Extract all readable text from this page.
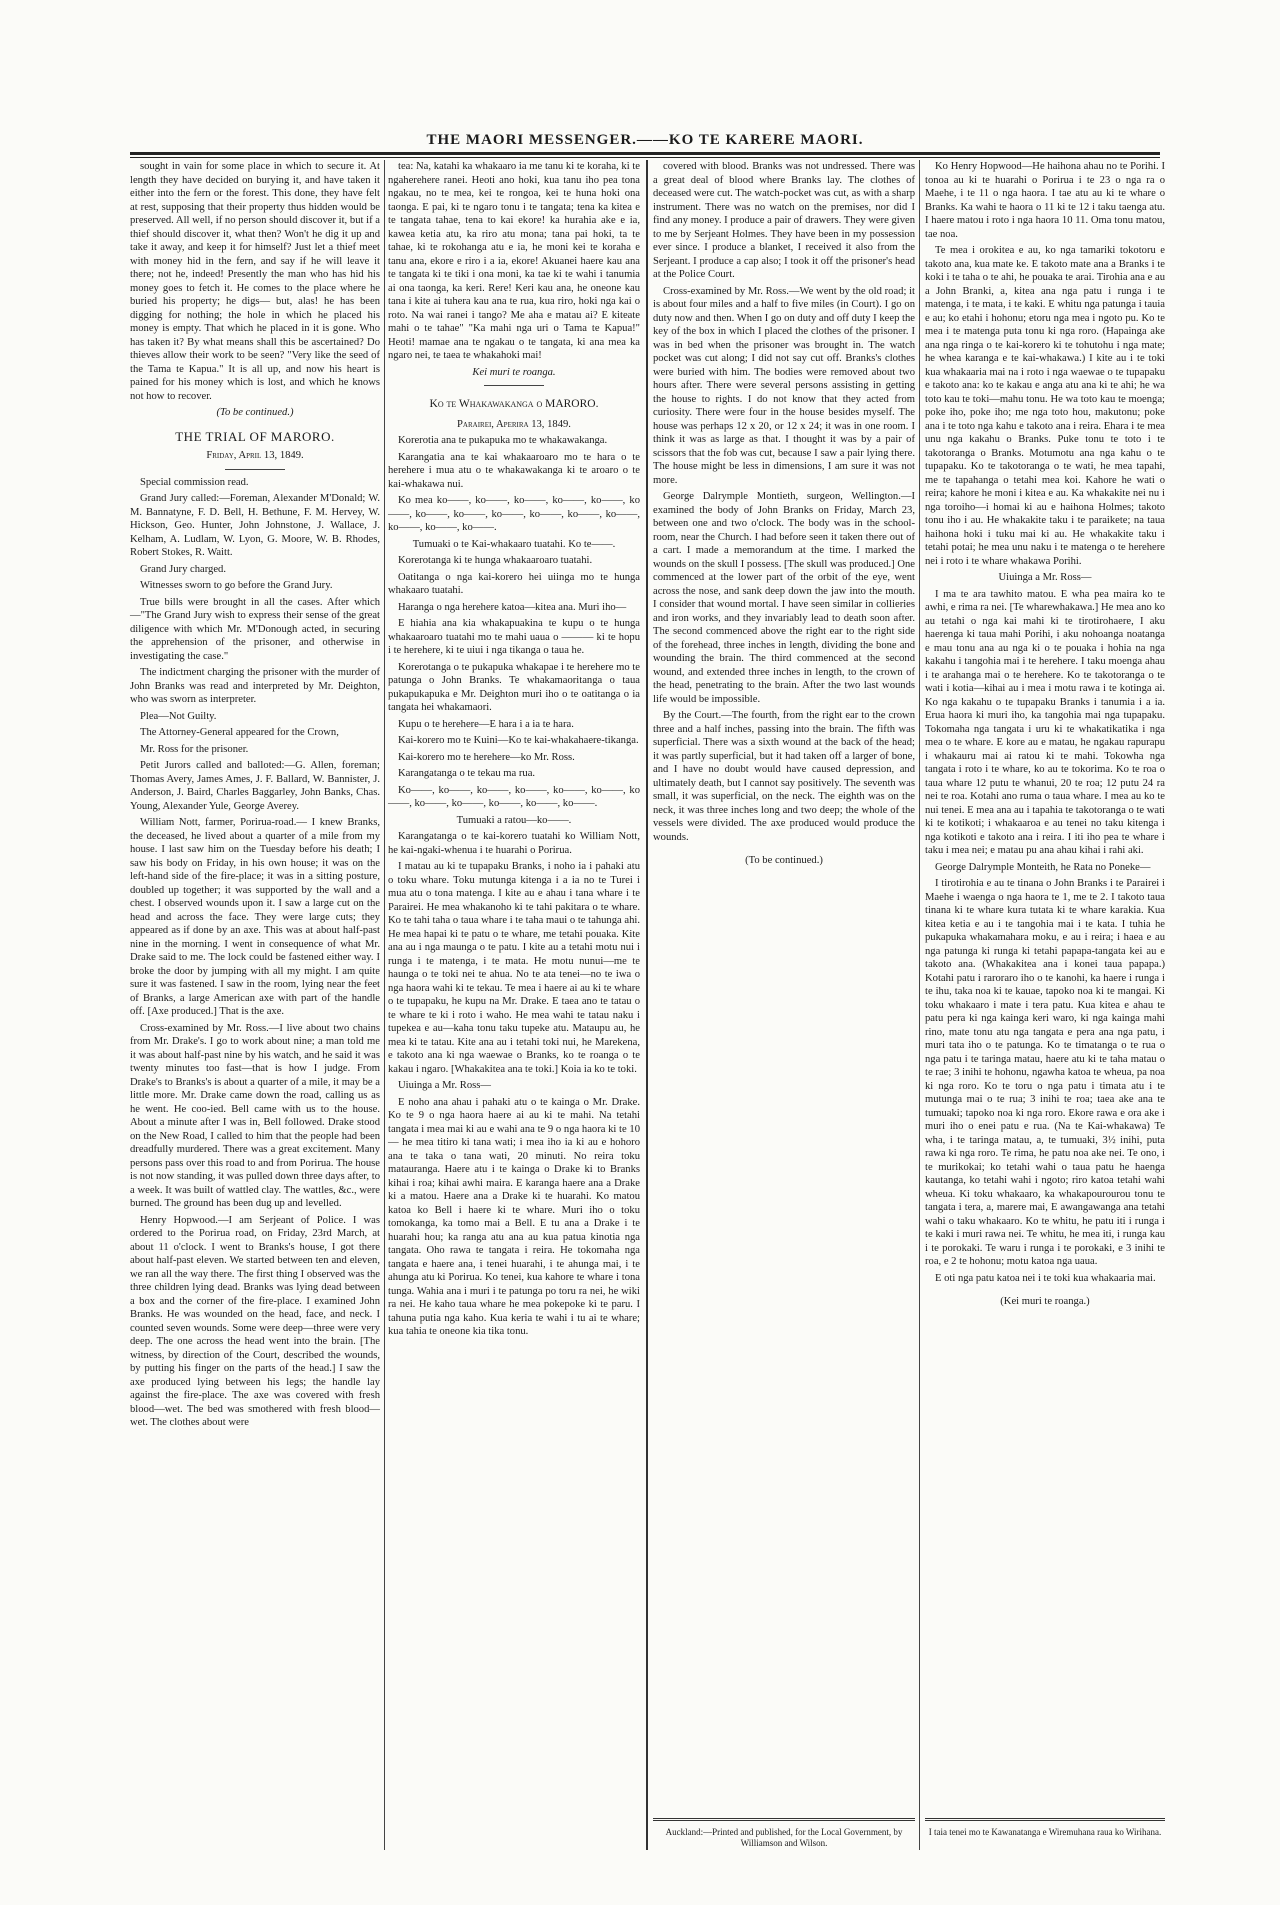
THE MAORI MESSENGER.——KO TE KARERE MAORI.

sought in vain for some place in which to secure it. At length they have decided on burying it, and have taken it either into the fern or the forest. This done, they have felt at rest, supposing that their property thus hidden would be preserved. All well, if no person should discover it, but if a thief should discover it, what then? Won't he dig it up and take it away, and keep it for himself? Just let a thief meet with money hid in the fern, and say if he will leave it there; not he, indeed! Presently the man who has hid his money goes to fetch it. He comes to the place where he buried his property; he digs— but, alas! he has been digging for nothing; the hole in which he placed his money is empty. That which he placed in it is gone. Who has taken it? By what means shall this be ascertained? Do thieves allow their work to be seen? "Very like the seed of the Tama te Kapua." It is all up, and now his heart is pained for his money which is lost, and which he knows not how to recover.

(To be continued.)

THE TRIAL OF MARORO.

Friday, April 13, 1849.

Special commission read.

Grand Jury called:—Foreman, Alexander M'Donald; W. M. Bannatyne, F. D. Bell, H. Bethune, F. M. Hervey, W. Hickson, Geo. Hunter, John Johnstone, J. Wallace, J. Kelham, A. Ludlam, W. Lyon, G. Moore, W. B. Rhodes, Robert Stokes, R. Waitt.

Grand Jury charged.

Witnesses sworn to go before the Grand Jury.

True bills were brought in all the cases. After which—"The Grand Jury wish to express their sense of the great diligence with which Mr. M'Donough acted, in securing the apprehension of the prisoner, and otherwise in investigating the case."

The indictment charging the prisoner with the murder of John Branks was read and interpreted by Mr. Deighton, who was sworn as interpreter.

Plea—Not Guilty.

The Attorney-General appeared for the Crown,

Mr. Ross for the prisoner.

Petit Jurors called and balloted:—G. Allen, foreman; Thomas Avery, James Ames, J. F. Ballard, W. Bannister, J. Anderson, J. Baird, Charles Baggarley, John Banks, Chas. Young, Alexander Yule, George Averey.

William Nott, farmer, Porirua-road.— I knew Branks, the deceased, he lived about a quarter of a mile from my house. I last saw him on the Tuesday before his death; I saw his body on Friday, in his own house; it was on the left-hand side of the fire-place; it was in a sitting posture, doubled up together; it was supported by the wall and a chest. I observed wounds upon it. I saw a large cut on the head and across the face. They were large cuts; they appeared as if done by an axe. This was at about half-past nine in the morning. I went in consequence of what Mr. Drake said to me. The lock could be fastened either way. I broke the door by jumping with all my might. I am quite sure it was fastened. I saw in the room, lying near the feet of Branks, a large American axe with part of the handle off. [Axe produced.] That is the axe.

Cross-examined by Mr. Ross.—I live about two chains from Mr. Drake's. I go to work about nine; a man told me it was about half-past nine by his watch, and he said it was twenty minutes too fast—that is how I judge. From Drake's to Branks's is about a quarter of a mile, it may be a little more. Mr. Drake came down the road, calling us as he went. He coo-ied. Bell came with us to the house. About a minute after I was in, Bell followed. Drake stood on the New Road, I called to him that the people had been dreadfully murdered. There was a great excitement. Many persons pass over this road to and from Porirua. The house is not now standing, it was pulled down three days after, to a week. It was built of wattled clay. The wattles, &c., were burned. The ground has been dug up and levelled.

Henry Hopwood.—I am Serjeant of Police. I was ordered to the Porirua road, on Friday, 23rd March, at about 11 o'clock. I went to Branks's house, I got there about half-past eleven. We started between ten and eleven, we ran all the way there. The first thing I observed was the three children lying dead. Branks was lying dead between a box and the corner of the fire-place. I examined John Branks. He was wounded on the head, face, and neck. I counted seven wounds. Some were deep—three were very deep. The one across the head went into the brain. [The witness, by direction of the Court, described the wounds, by putting his finger on the parts of the head.] I saw the axe produced lying between his legs; the handle lay against the fire-place. The axe was covered with fresh blood—wet. The bed was smothered with fresh blood—wet. The clothes about were

tea: Na, katahi ka whakaaro ia me tanu ki te koraha, ki te ngaherehere ranei. Heoti ano hoki, kua tanu iho pea tona ngakau, no te mea, kei te rongoa, kei te huna hoki ona taonga. E pai, ki te ngaro tonu i te tangata; tena ka kitea e te tangata tahae, tena to kai ekore! ka hurahia ake e ia, kawea ketia atu, ka riro atu mona; tana pai hoki, ta te tahae, ki te rokohanga atu e ia, he moni kei te koraha e tanu ana, ekore e riro i a ia, ekore! Akuanei haere kau ana te tangata ki te tiki i ona moni, ka tae ki te wahi i tanumia ai ona taonga, ka keri. Rere! Keri kau ana, he oneone kau tana i kite ai tuhera kau ana te rua, kua riro, hoki nga kai o roto. Na wai ranei i tango? Me aha e matau ai? E kiteate mahi o te tahae" "Ka mahi nga uri o Tama te Kapua!" Heoti! mamae ana te ngakau o te tangata, ki ana mea ka ngaro nei, te taea te whakahoki mai!

Kei muri te roanga.

Ko te Whakawakanga o MARORO.

Parairei, Aperira 13, 1849.

Korerotia ana te pukapuka mo te whakawakanga.

Karangatia ana te kai whakaaroaro mo te hara o te herehere i mua atu o te whakawakanga ki te aroaro o te kai-whakawa nui.

Ko mea ko——, ko——, ko——, ko——, ko——, ko——, ko——, ko——, ko——, ko——, ko——, ko——, ko——, ko——, ko——.

Tumuaki o te Kai-whakaaro tuatahi. Ko te——.

Korerotanga ki te hunga whakaaroaro tuatahi.

Oatitanga o nga kai-korero hei uiinga mo te hunga whakaaro tuatahi.

Haranga o nga herehere katoa—kitea ana. Muri iho—

E hiahia ana kia whakapuakina te kupu o te hunga whakaaroaro tuatahi mo te mahi uaua o ——— ki te hopu i te herehere, ki te uiui i nga tikanga o taua he.

Korerotanga o te pukapuka whakapae i te herehere mo te patunga o John Branks. Te whakamaoritanga o taua pukapukapuka e Mr. Deighton muri iho o te oatitanga o ia tangata hei whakamaori.

Kupu o te herehere—E hara i a ia te hara.

Kai-korero mo te Kuini—Ko te kai-whakahaere-tikanga.

Kai-korero mo te herehere—ko Mr. Ross.

Karangatanga o te tekau ma rua.

Ko——, ko——, ko——, ko——, ko——, ko——, ko——, ko——, ko——, ko——, ko——, ko——.

Tumuaki a ratou—ko——.

Karangatanga o te kai-korero tuatahi ko William Nott, he kai-ngaki-whenua i te huarahi o Porirua.

I matau au ki te tupapaku Branks, i noho ia i pahaki atu o toku whare. Toku mutunga kitenga i a ia no te Turei i mua atu o tona matenga. I kite au e ahau i tana whare i te Parairei. He mea whakanoho ki te tahi pakitara o te whare. Ko te tahi taha o taua whare i te taha maui o te tahunga ahi. He mea hapai ki te patu o te whare, me tetahi pouaka. Kite ana au i nga maunga o te patu. I kite au a tetahi motu nui i runga i te matenga, i te mata. He motu nunui—me te haunga o te toki nei te ahua. No te ata tenei—no te iwa o nga haora wahi ki te tekau. Te mea i haere ai au ki te whare o te tupapaku, he kupu na Mr. Drake. E taea ano te tatau o te whare te ki i roto i waho. He mea wahi te tatau naku i tupekea e au—kaha tonu taku tupeke atu. Mataupu au, he mea ki te tatau. Kite ana au i tetahi toki nui, he Marekena, e takoto ana ki nga waewae o Branks, ko te roanga o te kakau i ngaro. [Whakakitea ana te toki.] Koia ia ko te toki.

Uiuinga a Mr. Ross—

E noho ana ahau i pahaki atu o te kainga o Mr. Drake. Ko te 9 o nga haora haere ai au ki te mahi. Na tetahi tangata i mea mai ki au e wahi ana te 9 o nga haora ki te 10— he mea titiro ki tana wati; i mea iho ia ki au e hohoro ana te taka o tana wati, 20 minuti. No reira toku matauranga. Haere atu i te kainga o Drake ki to Branks kihai i roa; kihai awhi maira. E karanga haere ana a Drake ki a matou. Haere ana a Drake ki te huarahi. Ko matou katoa ko Bell i haere ki te whare. Muri iho o toku tomokanga, ka tomo mai a Bell. E tu ana a Drake i te huarahi hou; ka ranga atu ana au kua patua kinotia nga tangata. Oho rawa te tangata i reira. He tokomaha nga tangata e haere ana, i tenei huarahi, i te ahunga mai, i te ahunga atu ki Porirua. Ko tenei, kua kahore te whare i tona tunga. Wahia ana i muri i te patunga po toru ra nei, he wiki ra nei. He kaho taua whare he mea pokepoke ki te paru. I tahuna putia nga kaho. Kua keria te wahi i tu ai te whare; kua tahia te oneone kia tika tonu.

covered with blood. Branks was not undressed. There was a great deal of blood where Branks lay. The clothes of deceased were cut. The watch-pocket was cut, as with a sharp instrument. There was no watch on the premises, nor did I find any money. I produce a pair of drawers. They were given to me by Serjeant Holmes. They have been in my possession ever since. I produce a blanket, I received it also from the Serjeant. I produce a cap also; I took it off the prisoner's head at the Police Court.

Cross-examined by Mr. Ross.—We went by the old road; it is about four miles and a half to five miles (in Court). I go on duty now and then. When I go on duty and off duty I keep the key of the box in which I placed the clothes of the prisoner. I was in bed when the prisoner was brought in. The watch pocket was cut along; I did not say cut off. Branks's clothes were buried with him. The bodies were removed about two hours after. There were several persons assisting in getting the house to rights. I do not know that they acted from curiosity. There were four in the house besides myself. The house was perhaps 12 x 20, or 12 x 24; it was in one room. I think it was as large as that. I thought it was by a pair of scissors that the fob was cut, because I saw a pair lying there. The house might be less in dimensions, I am sure it was not more.

George Dalrymple Montieth, surgeon, Wellington.—I examined the body of John Branks on Friday, March 23, between one and two o'clock. The body was in the school-room, near the Church. I had before seen it taken there out of a cart. I made a memorandum at the time. I marked the wounds on the skull I possess. [The skull was produced.] One commenced at the lower part of the orbit of the eye, went across the nose, and sank deep down the jaw into the mouth. I consider that wound mortal. I have seen similar in collieries and iron works, and they invariably lead to death soon after. The second commenced above the right ear to the right side of the forehead, three inches in length, dividing the bone and wounding the brain. The third commenced at the second wound, and extended three inches in length, to the crown of the head, penetrating to the brain. After the two last wounds life would be impossible.

By the Court.—The fourth, from the right ear to the crown three and a half inches, passing into the brain. The fifth was superficial. There was a sixth wound at the back of the head; it was partly superficial, but it had taken off a larger of bone, and I have no doubt would have caused depression, and ultimately death, but I cannot say positively. The seventh was small, it was superficial, on the neck. The eighth was on the neck, it was three inches long and two deep; the whole of the vessels were divided. The axe produced would produce the wounds.

(To be continued.)

Auckland:—Printed and published, for the Local Government, by Williamson and Wilson.

Ko Henry Hopwood—He haihona ahau no te Porihi. I tonoa au ki te huarahi o Porirua i te 23 o nga ra o Maehe, i te 11 o nga haora. I tae atu au ki te whare o Branks. Ka wahi te haora o 11 ki te 12 i taku taenga atu. I haere matou i roto i nga haora 10 11. Oma tonu matou, tae noa.

Te mea i orokitea e au, ko nga tamariki tokotoru e takoto ana, kua mate ke. E takoto mate ana a Branks i te koki i te taha o te ahi, he pouaka te arai. Tirohia ana e au a John Branki, a, kitea ana nga patu i runga i te matenga, i te mata, i te kaki. E whitu nga patunga i tauia e au; ko etahi i hohonu; etoru nga mea i ngoto pu. Ko te mea i te matenga puta tonu ki nga roro. (Hapainga ake ana nga ringa o te kai-korero ki te tohutohu i nga mate; he whea karanga e te kai-whakawa.) I kite au i te toki kua whakaaria mai na i roto i nga waewae o te tupapaku e takoto ana: ko te kakau e anga atu ana ki te ahi; he wa toto kau te toki—mahu tonu. He wa toto kau te moenga; poke iho, poke iho; me nga toto hou, makutonu; poke ana i te toto nga kahu e takoto ana i reira. Ehara i te mea unu nga kakahu o Branks. Puke tonu te toto i te takotoranga o Branks. Motumotu ana nga kahu o te tupapaku. Ko te takotoranga o te wati, he mea tapahi, me te tapahanga o tetahi mea koi. Kahore he wati o reira; kahore he moni i kitea e au. Ka whakakite nei nu i nga toroiho—i homai ki au e haihona Holmes; takoto tonu iho i au. He whakakite taku i te paraikete; na taua haihona hoki i tuku mai ki au. He whakakite taku i tetahi potai; he mea unu naku i te matenga o te herehere nei i roto i te whare whakawa Porihi.

Uiuinga a Mr. Ross—

I ma te ara tawhito matou. E wha pea maira ko te awhi, e rima ra nei. [Te wharewhakawa.] He mea ano ko au tetahi o nga kai mahi ki te tirotirohaere, I aku haerenga ki taua mahi Porihi, i aku nohoanga noatanga e mau tonu ana au nga ki o te pouaka i hohia na nga kakahu i tangohia mai i te herehere. I taku moenga ahau i te arahanga mai o te herehere. Ko te takotoranga o te wati i kotia—kihai au i mea i motu rawa i te kotinga ai. Ko nga kakahu o te tupapaku Branks i tanumia i a ia. Erua haora ki muri iho, ka tangohia mai nga tupapaku. Tokomaha nga tangata i uru ki te whakatikatika i nga mea o te whare. E kore au e matau, he ngakau rapurapu i whakauru mai ai ratou ki te mahi. Tokowha nga tangata i roto i te whare, ko au te tokorima. Ko te roa o taua whare 12 putu te whanui, 20 te roa; 12 putu 24 ra nei te roa. Kotahi ano ruma o taua whare. I mea au ko te nui tenei. E mea ana au i tapahia te takotoranga o te wati ki te kotikoti; i whakaaroa e au tenei no taku kitenga i nga kotikoti e takoto ana i reira. I iti iho pea te whare i taku i mea nei; e matau pu ana ahau kihai i rahi aki.

George Dalrymple Monteith, he Rata no Poneke—

I tirotirohia e au te tinana o John Branks i te Parairei i Maehe i waenga o nga haora te 1, me te 2. I takoto taua tinana ki te whare kura tutata ki te whare karakia. Kua kitea ketia e au i te tangohia mai i te kata. I tuhia he pukapuka whakamahara moku, e au i reira; i haea e au nga patunga ki runga ki tetahi papapa-tangata kei au e takoto ana. (Whakakitea ana i konei taua papapa.) Kotahi patu i raroraro iho o te kanohi, ka haere i runga i te ihu, taka noa ki te kauae, tapoko noa ki te mangai. Ki toku whakaaro i mate i tera patu. Kua kitea e ahau te patu pera ki nga kainga keri waro, ki nga kainga mahi rino, mate tonu atu nga tangata e pera ana nga patu, i muri tata iho o te patunga. Ko te timatanga o te rua o nga patu i te taringa matau, haere atu ki te taha matau o te rae; 3 inihi te hohonu, ngawha katoa te wheua, pa noa ki nga roro. Ko te toru o nga patu i timata atu i te mutunga mai o te rua; 3 inihi te roa; taea ake ana te tumuaki; tapoko noa ki nga roro. Ekore rawa e ora ake i muri iho o enei patu e rua. (Na te Kai-whakawa) Te wha, i te taringa matau, a, te tumuaki, 3½ inihi, puta rawa ki nga roro. Te rima, he patu noa ake nei. Te ono, i te murikokai; ko tetahi wahi o taua patu he haenga kautanga, ko tetahi wahi i ngoto; riro katoa tetahi wahi wheua. Ki toku whakaaro, ka whakapourourou tonu te tangata i tera, a, marere mai, E awangawanga ana tetahi wahi o taku whakaaro. Ko te whitu, he patu iti i runga i te kaki i muri rawa nei. Te whitu, he mea iti, i runga kau i te porokaki. Te waru i runga i te porokaki, e 3 inihi te roa, e 2 te hohonu; motu katoa nga uaua.

E oti nga patu katoa nei i te toki kua whakaaria mai.

(Kei muri te roanga.)

I taia tenei mo te Kawanatanga e Wiremuhana raua ko Wirihana.
